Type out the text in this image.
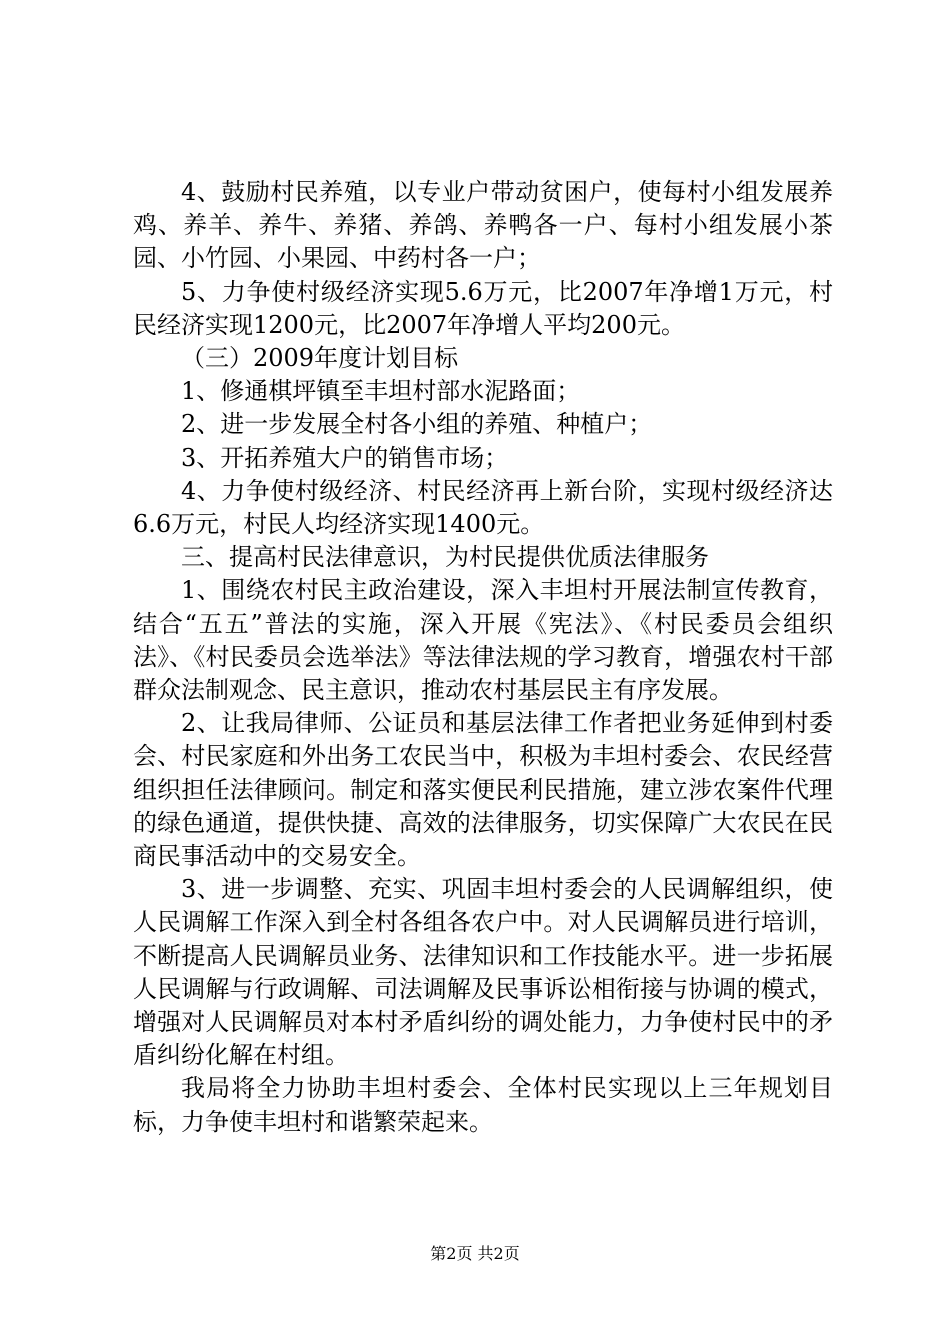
4、鼓励村民养殖，以专业户带动贫困户，使每村小组发展养鸡、养羊、养牛、养猪、养鸽、养鸭各一户、每村小组发展小茶园、小竹园、小果园、中药村各一户；

5、力争使村级经济实现5.6万元，比2007年净增1万元，村民经济实现1200元，比2007年净增人平均200元。

（三）2009年度计划目标

1、修通棋坪镇至丰坦村部水泥路面；

2、进一步发展全村各小组的养殖、种植户；

3、开拓养殖大户的销售市场；

4、力争使村级经济、村民经济再上新台阶，实现村级经济达6.6万元，村民人均经济实现1400元。

三、提高村民法律意识，为村民提供优质法律服务

1、围绕农村民主政治建设，深入丰坦村开展法制宣传教育，结合“五五”普法的实施，深入开展《宪法》、《村民委员会组织法》、《村民委员会选举法》等法律法规的学习教育，增强农村干部群众法制观念、民主意识，推动农村基层民主有序发展。

2、让我局律师、公证员和基层法律工作者把业务延伸到村委会、村民家庭和外出务工农民当中，积极为丰坦村委会、农民经营组织担任法律顾问。制定和落实便民利民措施，建立涉农案件代理的绿色通道，提供快捷、高效的法律服务，切实保障广大农民在民商民事活动中的交易安全。

3、进一步调整、充实、巩固丰坦村委会的人民调解组织，使人民调解工作深入到全村各组各农户中。对人民调解员进行培训，不断提高人民调解员业务、法律知识和工作技能水平。进一步拓展人民调解与行政调解、司法调解及民事诉讼相衔接与协调的模式，增强对人民调解员对本村矛盾纠纷的调处能力，力争使村民中的矛盾纠纷化解在村组。

我局将全力协助丰坦村委会、全体村民实现以上三年规划目标，力争使丰坦村和谐繁荣起来。

第2页 共2页
